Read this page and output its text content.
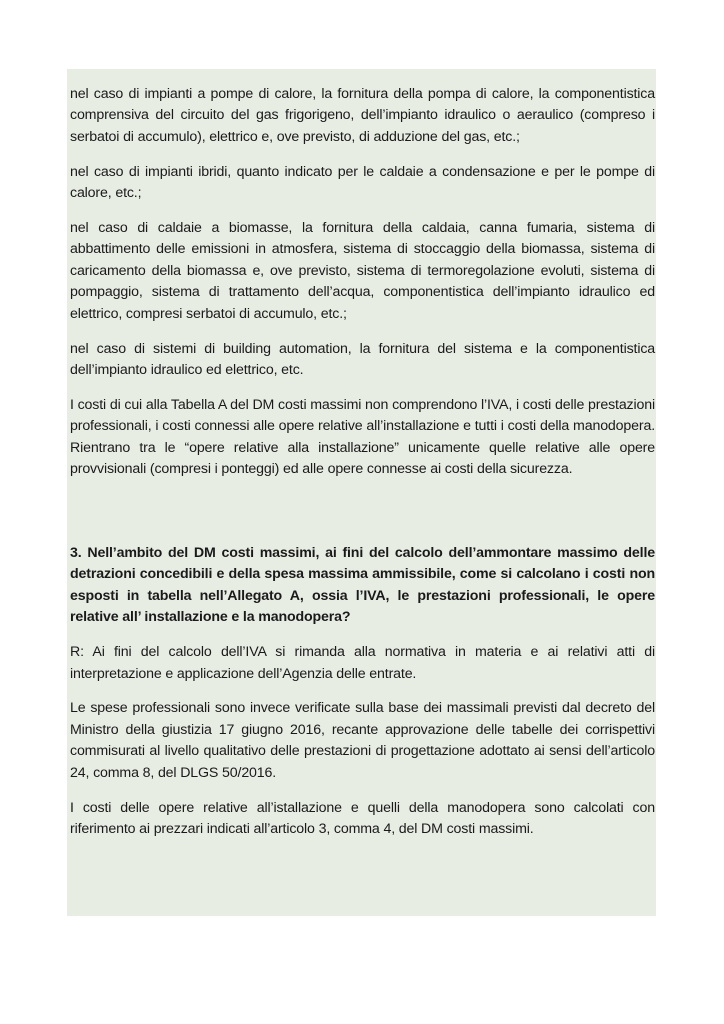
nel caso di impianti a pompe di calore, la fornitura della pompa di calore, la componentistica comprensiva del circuito del gas frigorigeno, dell’impianto idraulico o aeraulico (compreso i serbatoi di accumulo), elettrico e, ove previsto, di adduzione del gas, etc.;

nel caso di impianti ibridi, quanto indicato per le caldaie a condensazione e per le pompe di calore, etc.;

nel caso di caldaie a biomasse, la fornitura della caldaia, canna fumaria, sistema di abbattimento delle emissioni in atmosfera, sistema di stoccaggio della biomassa, sistema di caricamento della biomassa e, ove previsto, sistema di termoregolazione evoluti, sistema di pompaggio, sistema di trattamento dell’acqua, componentistica dell’impianto idraulico ed elettrico, compresi serbatoi di accumulo, etc.;

nel caso di sistemi di building automation, la fornitura del sistema e la componentistica dell’impianto idraulico ed elettrico, etc.

I costi di cui alla Tabella A del DM costi massimi non comprendono l’IVA, i costi delle prestazioni professionali, i costi connessi alle opere relative all’installazione e tutti i costi della manodopera. Rientrano tra le “opere relative alla installazione” unicamente quelle relative alle opere provvisionali (compresi i ponteggi) ed alle opere connesse ai costi della sicurezza.

3. Nell’ambito del DM costi massimi, ai fini del calcolo dell’ammontare massimo delle detrazioni concedibili e della spesa massima ammissibile, come si calcolano i costi non esposti in tabella nell’Allegato A, ossia l’IVA, le prestazioni professionali, le opere relative all’ installazione e la manodopera?

R: Ai fini del calcolo dell’IVA si rimanda alla normativa in materia e ai relativi atti di interpretazione e applicazione dell’Agenzia delle entrate.

Le spese professionali sono invece verificate sulla base dei massimali previsti dal decreto del Ministro della giustizia 17 giugno 2016, recante approvazione delle tabelle dei corrispettivi commisurati al livello qualitativo delle prestazioni di progettazione adottato ai sensi dell’articolo 24, comma 8, del DLGS 50/2016.

I costi delle opere relative all’istallazione e quelli della manodopera sono calcolati con riferimento ai prezzari indicati all’articolo 3, comma 4, del DM costi massimi.
